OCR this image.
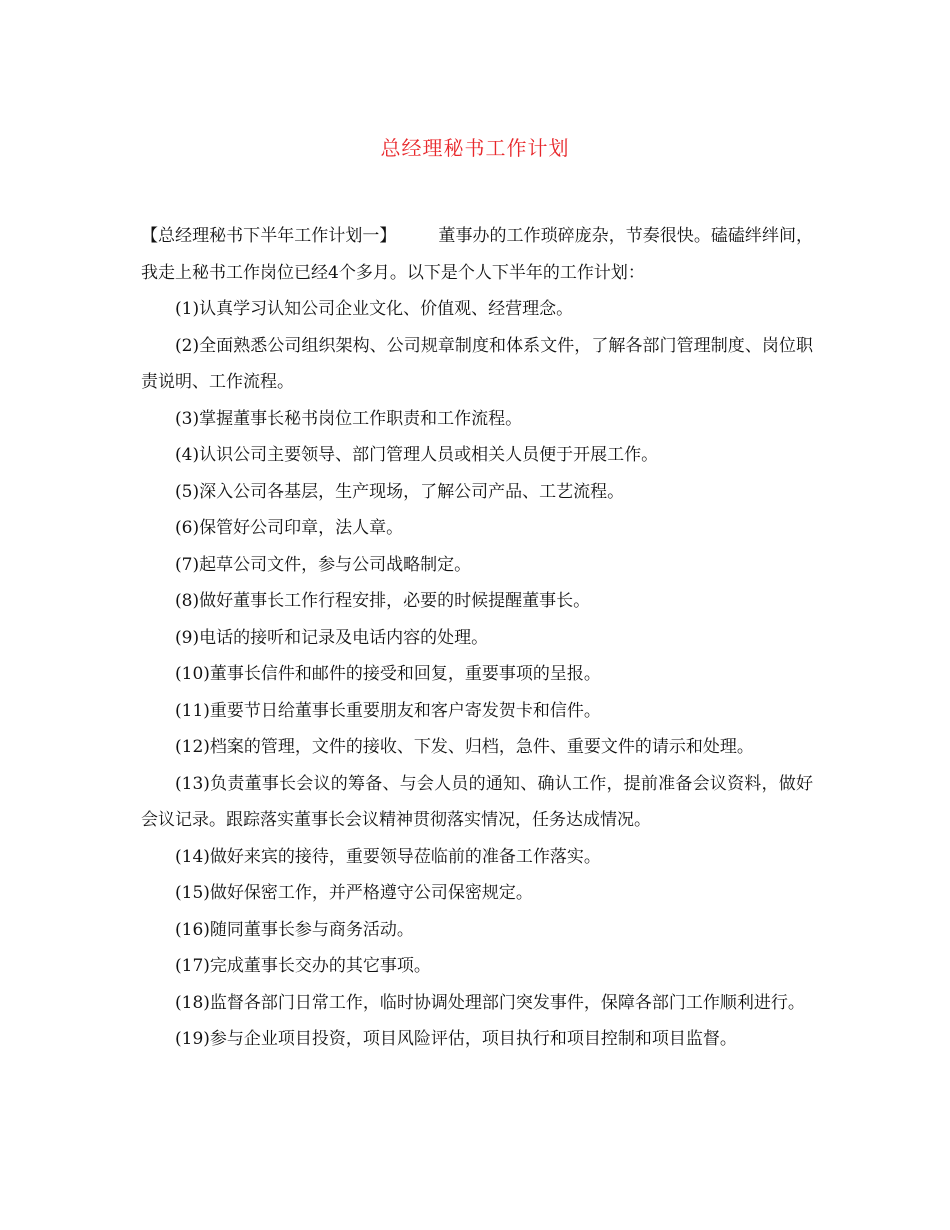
总经理秘书工作计划

【总经理秘书下半年工作计划一】 董事办的工作琐碎庞杂，节奏很快。磕磕绊绊间，我走上秘书工作岗位已经4个多月。以下是个人下半年的工作计划：

(1)认真学习认知公司企业文化、价值观、经营理念。

(2)全面熟悉公司组织架构、公司规章制度和体系文件，了解各部门管理制度、岗位职责说明、工作流程。

(3)掌握董事长秘书岗位工作职责和工作流程。

(4)认识公司主要领导、部门管理人员或相关人员便于开展工作。

(5)深入公司各基层，生产现场，了解公司产品、工艺流程。

(6)保管好公司印章，法人章。

(7)起草公司文件，参与公司战略制定。

(8)做好董事长工作行程安排，必要的时候提醒董事长。

(9)电话的接听和记录及电话内容的处理。

(10)董事长信件和邮件的接受和回复，重要事项的呈报。

(11)重要节日给董事长重要朋友和客户寄发贺卡和信件。

(12)档案的管理，文件的接收、下发、归档，急件、重要文件的请示和处理。

(13)负责董事长会议的筹备、与会人员的通知、确认工作，提前准备会议资料，做好会议记录。跟踪落实董事长会议精神贯彻落实情况，任务达成情况。

(14)做好来宾的接待，重要领导莅临前的准备工作落实。

(15)做好保密工作，并严格遵守公司保密规定。

(16)随同董事长参与商务活动。

(17)完成董事长交办的其它事项。

(18)监督各部门日常工作，临时协调处理部门突发事件，保障各部门工作顺利进行。

(19)参与企业项目投资，项目风险评估，项目执行和项目控制和项目监督。
